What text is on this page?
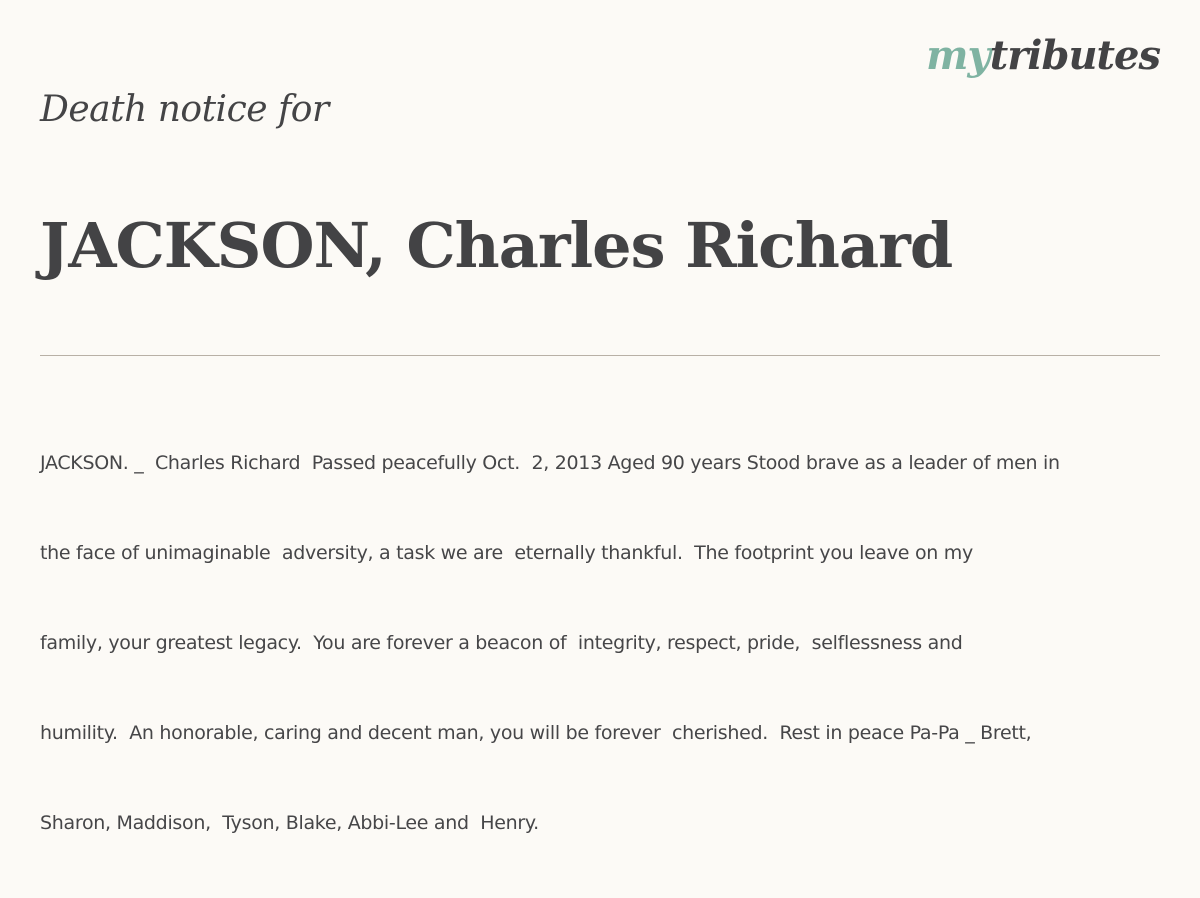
mytributes
Death notice for
JACKSON, Charles Richard

JACKSON. _  Charles Richard  Passed peacefully Oct.  2, 2013 Aged 90 years Stood brave as a leader of men in

the face of unimaginable  adversity, a task we are  eternally thankful.  The footprint you leave on my

family, your greatest legacy.  You are forever a beacon of  integrity, respect, pride,  selflessness and

humility.  An honorable, caring and decent man, you will be forever  cherished.  Rest in peace Pa-Pa _ Brett,

Sharon, Maddison,  Tyson, Blake, Abbi-Lee and  Henry.
